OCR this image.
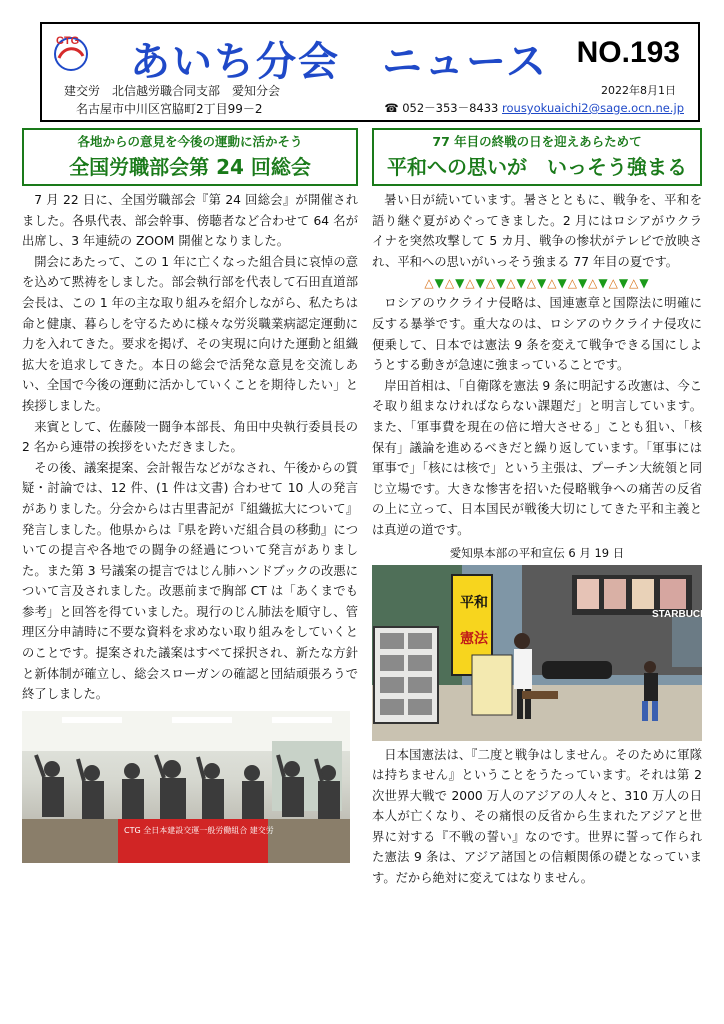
CTG あいち分会　ニュース NO.193
建交労　北信越労職合同支部　愛知分会
名古屋市中川区宮脇町2丁目99－2
2022年8月1日
☎ 052－353－8433 rousyokuaichi2@sage.ocn.ne.jp
各地からの意見を今後の運動に活かそう
全国労職部会第 24 回総会

7 月 22 日に、全国労職部会『第 24 回総会』が開催されました。各県代表、部会幹事、傍聴者など合わせて 64 名が出席し、3 年連続の ZOOM 開催となりました。

開会にあたって、この 1 年に亡くなった組合員に哀悼の意を込めて黙祷をしました。部会執行部を代表して石田直道部会長は、この 1 年の主な取り組みを紹介しながら、私たちは命と健康、暮らしを守るために様々な労災職業病認定運動に力を入れてきた。要求を掲げ、その実現に向けた運動と組織拡大を追求してきた。本日の総会で活発な意見を交流しあい、全国で今後の運動に活かしていくことを期待したい」と挨拶しました。

来賓として、佐藤陵一闘争本部長、角田中央執行委員長の 2 名から連帯の挨拶をいただきました。

その後、議案提案、会計報告などがなされ、午後からの質疑・討論では、12 件、(1 件は文書) 合わせて 10 人の発言がありました。分会からは古里書記が『組織拡大について』発言しました。他県からは『県を跨いだ組合員の移動』についての提言や各地での闘争の経過について発言がありました。また第 3 号議案の提言ではじん肺ハンドブックの改悪について言及されました。改悪前まで胸部 CT は「あくまでも参考」と回答を得ていました。現行のじん肺法を順守し、管理区分申請時に不要な資料を求めない取り組みをしていくとのことです。提案された議案はすべて採択され、新たな方針と新体制が確立し、総会スローガンの確認と団結頑張ろうで終了しました。

CTG 全日本建設交運一般労働組合 建交労
77 年目の終戦の日を迎えあらためて
平和への思いが　いっそう強まる

暑い日が続いています。暑さとともに、戦争を、平和を語り継ぐ夏がめぐってきました。2 月にはロシアがウクライナを突然攻撃して 5 カ月、戦争の惨状がテレビで放映され、平和への思いがいっそう強まる 77 年目の夏です。

△▼△▼△▼△▼△▼△▼△▼△▼△▼△▼△▼

ロシアのウクライナ侵略は、国連憲章と国際法に明確に反する暴挙です。重大なのは、ロシアのウクライナ侵攻に便乗して、日本では憲法 9 条を変えて戦争できる国にしようとする動きが急速に強まっていることです。

岸田首相は、「自衛隊を憲法 9 条に明記する改憲は、今こそ取り組まなければならない課題だ」と明言しています。また、「軍事費を現在の倍に増大させる」ことも狙い、「核保有」議論を進めるべきだと繰り返しています。「軍事には軍事で」「核には核で」という主張は、プーチン大統領と同じ立場です。大きな惨害を招いた侵略戦争への痛苦の反省の上に立って、日本国民が戦後大切にしてきた平和主義とは真逆の道です。

愛知県本部の平和宣伝 6 月 19 日
STARBUCKS
平和
憲法

日本国憲法は、『二度と戦争はしません。そのために軍隊は持ちません』ということをうたっています。それは第 2 次世界大戦で 2000 万人のアジアの人々と、310 万人の日本人が亡くなり、その痛恨の反省から生まれたアジアと世界に対する『不戦の誓い』なのです。世界に誓って作られた憲法 9 条は、アジア諸国との信頼関係の礎となっています。だから絶対に変えてはなりません。
